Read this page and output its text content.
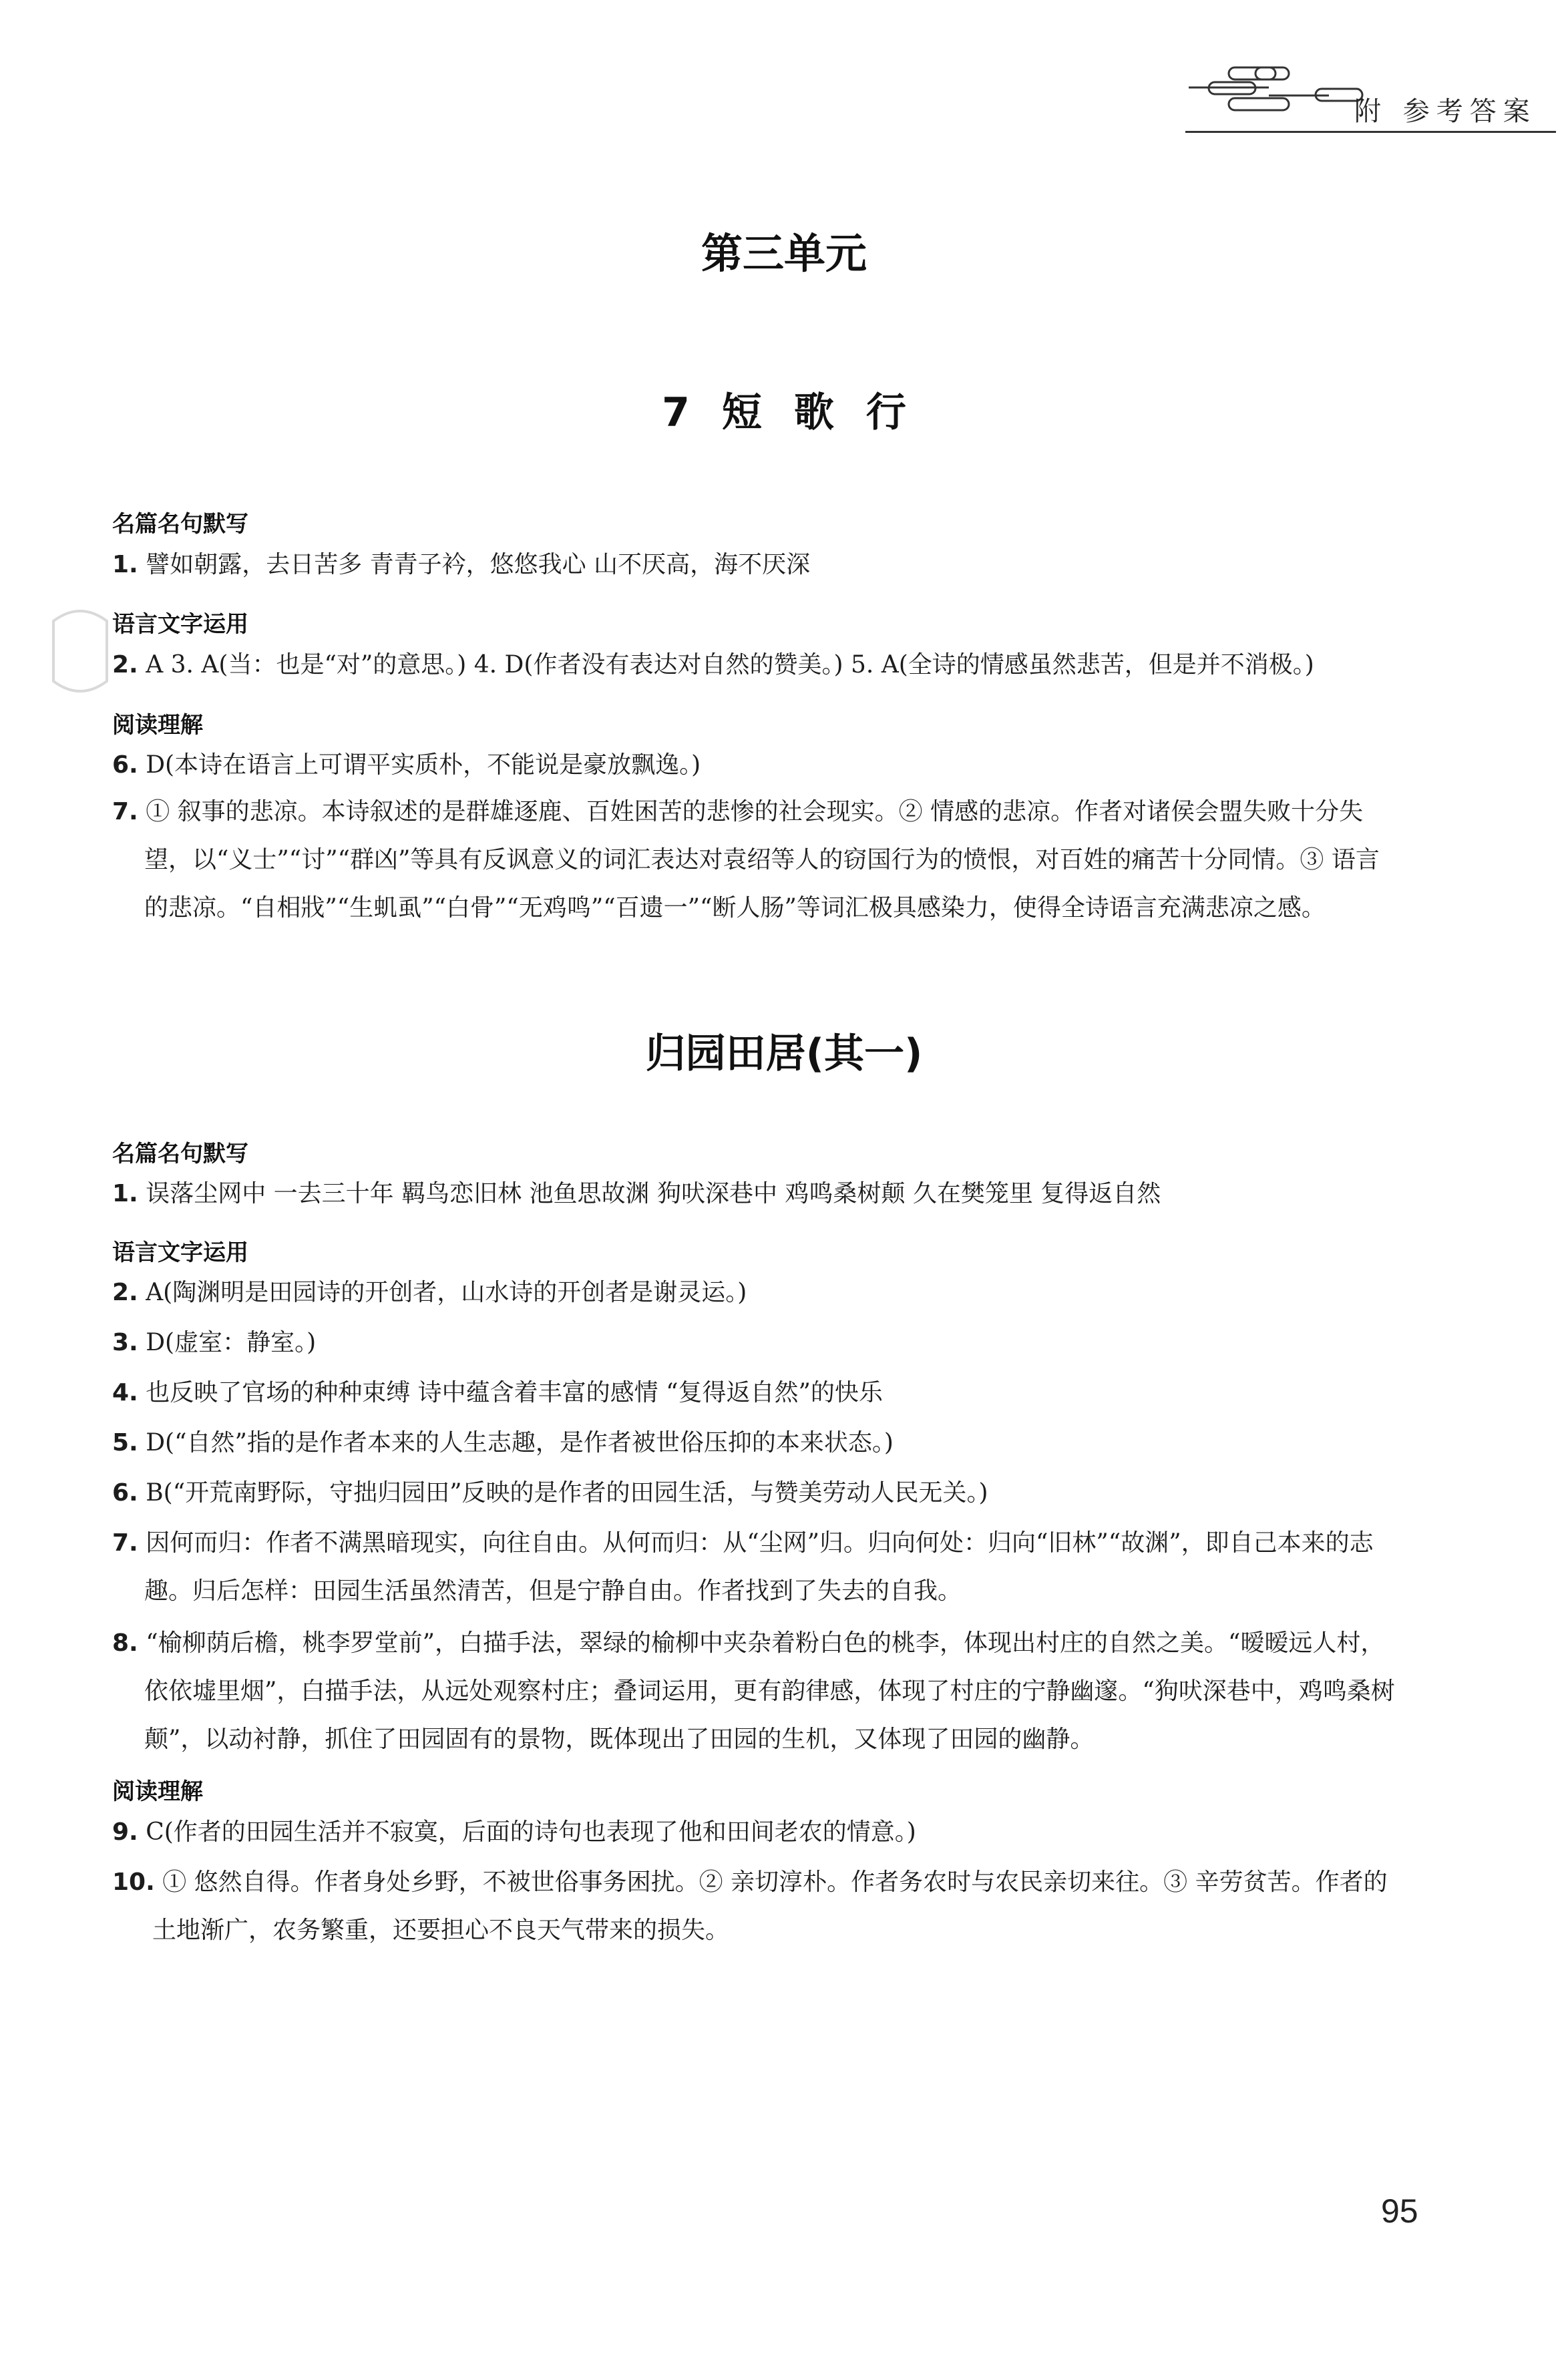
附 参考答案
第三单元
7 短 歌 行
名篇名句默写
1. 譬如朝露，去日苦多 青青子衿，悠悠我心 山不厌高，海不厌深
语言文字运用
2. A 3. A(当：也是“对”的意思。) 4. D(作者没有表达对自然的赞美。) 5. A(全诗的情感虽然悲苦，但是并不消极。)
阅读理解
6. D(本诗在语言上可谓平实质朴，不能说是豪放飘逸。)
7. ① 叙事的悲凉。本诗叙述的是群雄逐鹿、百姓困苦的悲惨的社会现实。② 情感的悲凉。作者对诸侯会盟失败十分失望，以“义士”“讨”“群凶”等具有反讽意义的词汇表达对袁绍等人的窃国行为的愤恨，对百姓的痛苦十分同情。③ 语言的悲凉。“自相戕”“生虮虱”“白骨”“无鸡鸣”“百遗一”“断人肠”等词汇极具感染力，使得全诗语言充满悲凉之感。
归园田居(其一)
名篇名句默写
1. 误落尘网中 一去三十年 羁鸟恋旧林 池鱼思故渊 狗吠深巷中 鸡鸣桑树颠 久在樊笼里 复得返自然
语言文字运用
2. A(陶渊明是田园诗的开创者，山水诗的开创者是谢灵运。)
3. D(虚室：静室。)
4. 也反映了官场的种种束缚 诗中蕴含着丰富的感情 “复得返自然”的快乐
5. D(“自然”指的是作者本来的人生志趣，是作者被世俗压抑的本来状态。)
6. B(“开荒南野际，守拙归园田”反映的是作者的田园生活，与赞美劳动人民无关。)
7. 因何而归：作者不满黑暗现实，向往自由。从何而归：从“尘网”归。归向何处：归向“旧林”“故渊”，即自己本来的志趣。归后怎样：田园生活虽然清苦，但是宁静自由。作者找到了失去的自我。
8. “榆柳荫后檐，桃李罗堂前”，白描手法，翠绿的榆柳中夹杂着粉白色的桃李，体现出村庄的自然之美。“暧暧远人村，依依墟里烟”，白描手法，从远处观察村庄；叠词运用，更有韵律感，体现了村庄的宁静幽邃。“狗吠深巷中，鸡鸣桑树颠”，以动衬静，抓住了田园固有的景物，既体现出了田园的生机，又体现了田园的幽静。
阅读理解
9. C(作者的田园生活并不寂寞，后面的诗句也表现了他和田间老农的情意。)
10. ① 悠然自得。作者身处乡野，不被世俗事务困扰。② 亲切淳朴。作者务农时与农民亲切来往。③ 辛劳贫苦。作者的土地渐广，农务繁重，还要担心不良天气带来的损失。
95
